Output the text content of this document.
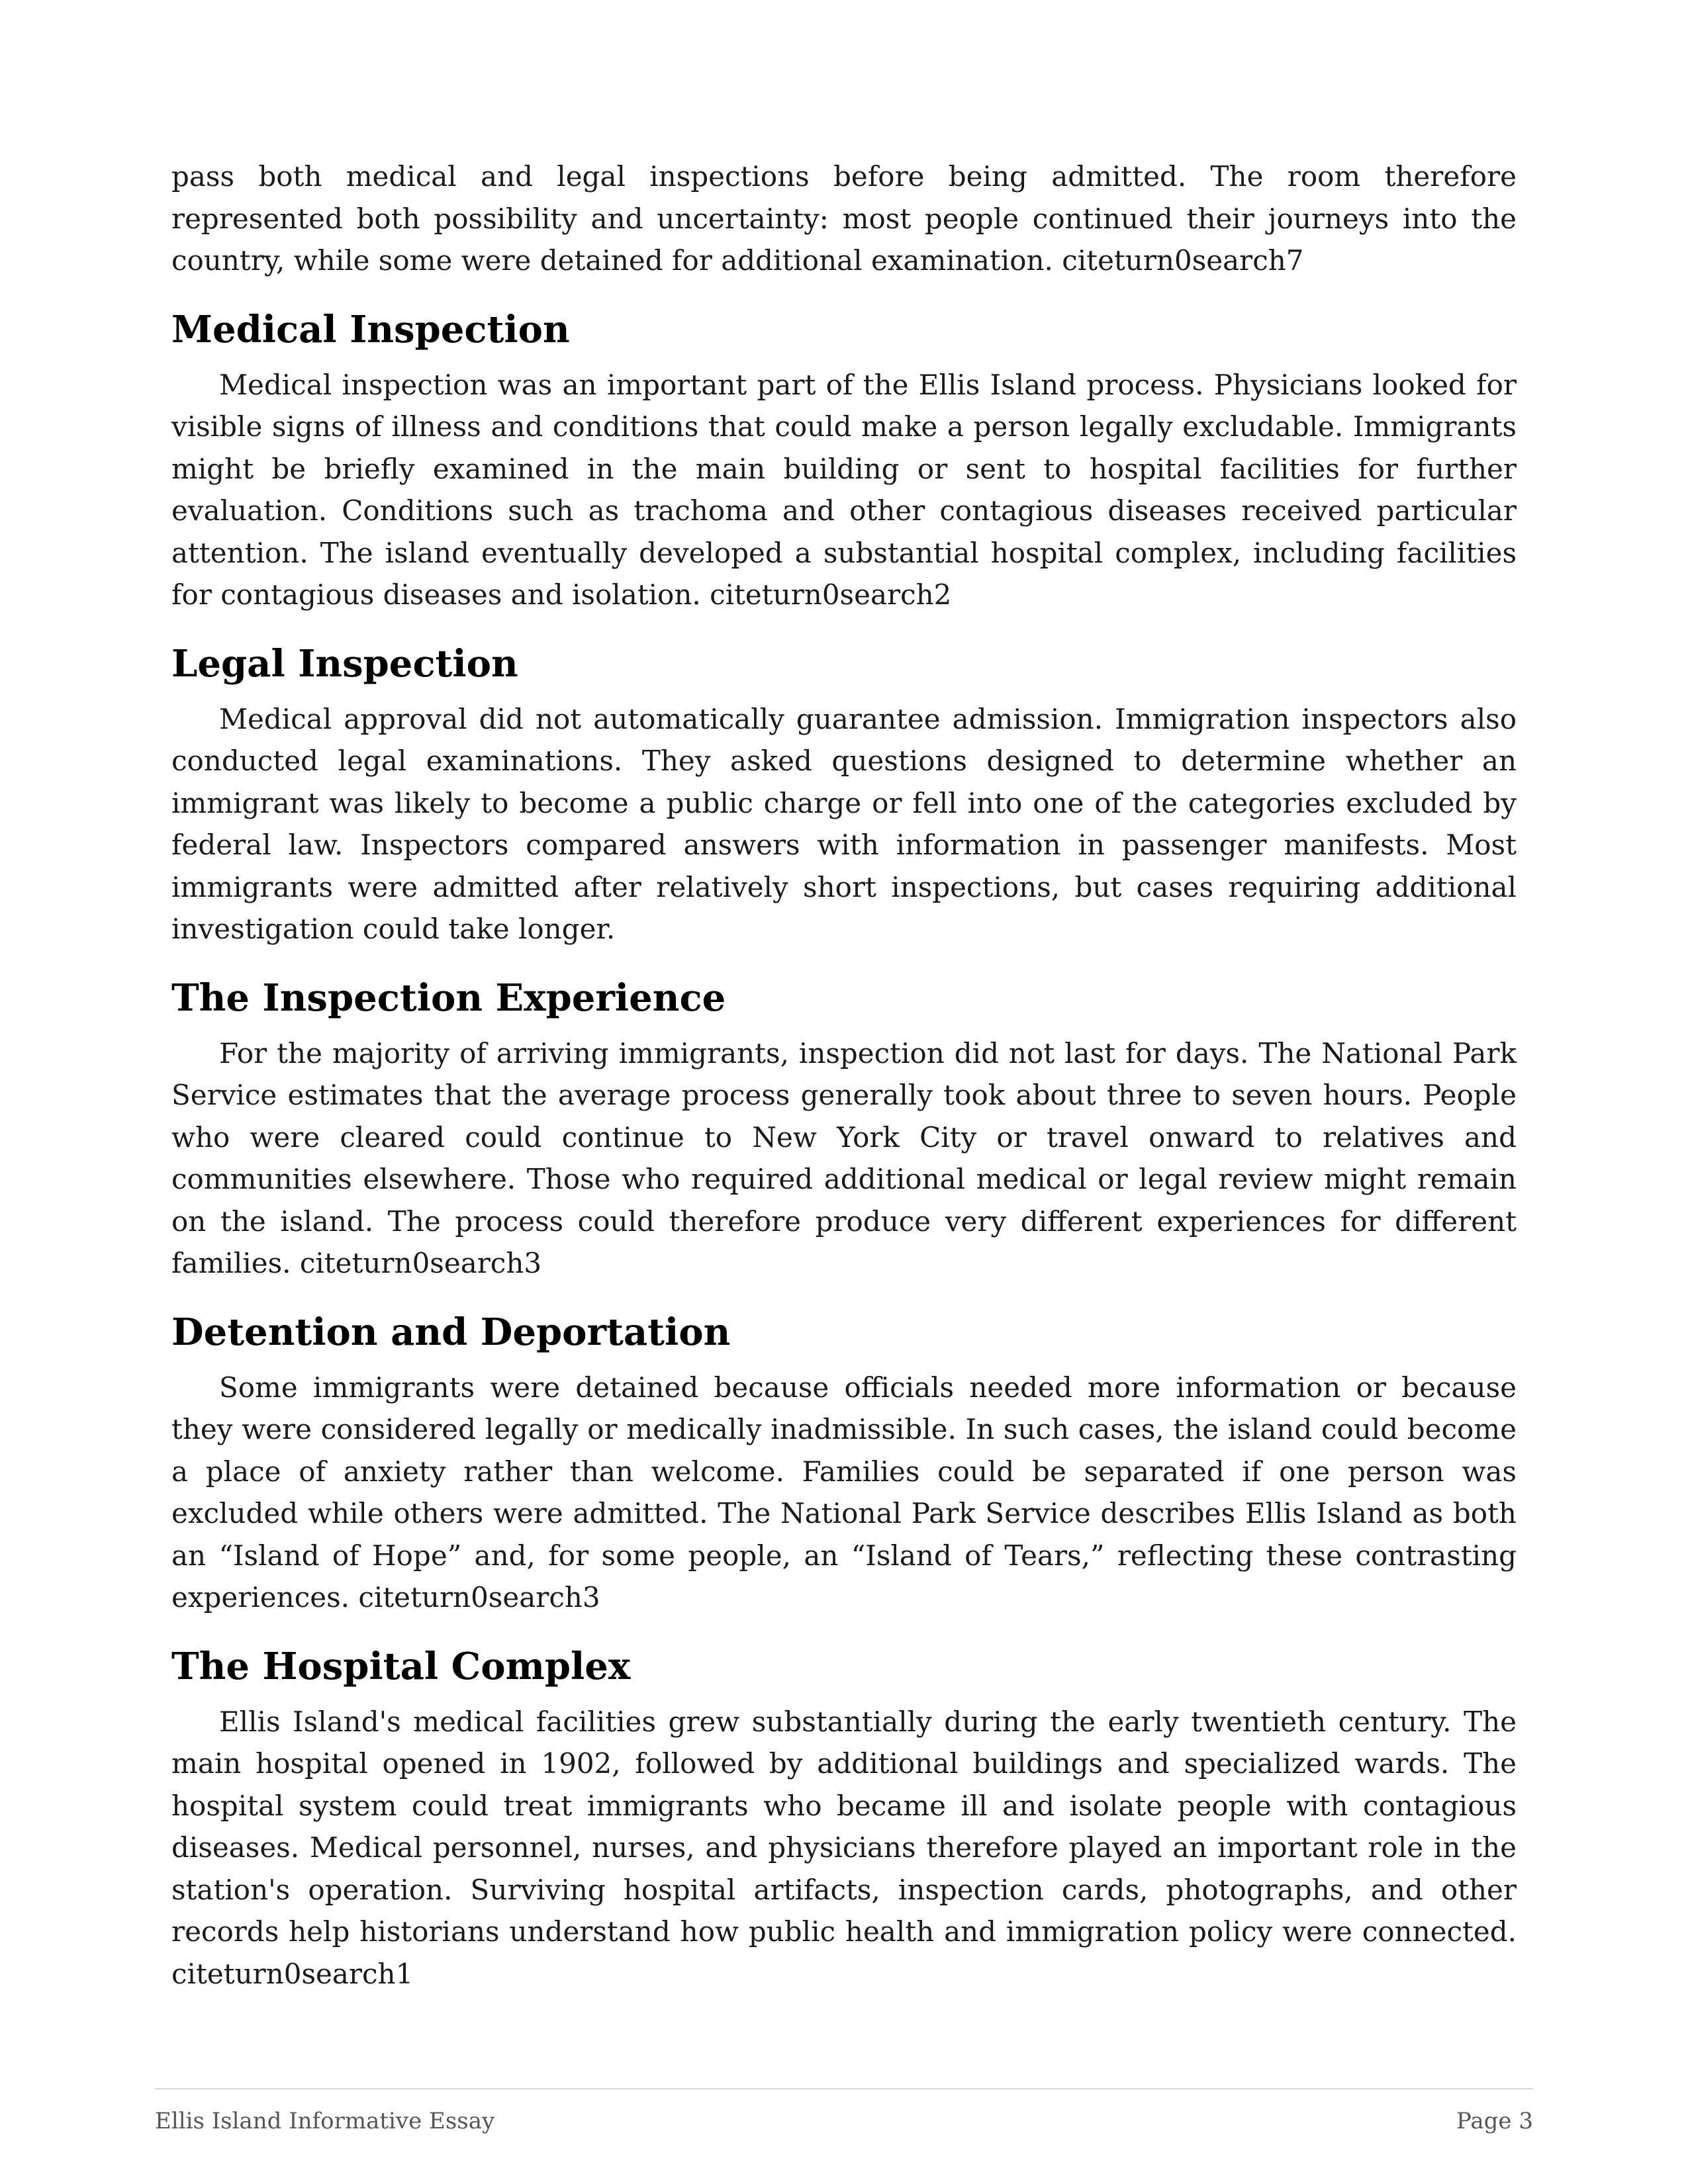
pass both medical and legal inspections before being admitted. The room therefore represented both possibility and uncertainty: most people continued their journeys into the country, while some were detained for additional examination. citeturn0search7

Medical Inspection

Medical inspection was an important part of the Ellis Island process. Physicians looked for visible signs of illness and conditions that could make a person legally excludable. Immigrants might be briefly examined in the main building or sent to hospital facilities for further evaluation. Conditions such as trachoma and other contagious diseases received particular attention. The island eventually developed a substantial hospital complex, including facilities for contagious diseases and isolation. citeturn0search2

Legal Inspection

Medical approval did not automatically guarantee admission. Immigration inspectors also conducted legal examinations. They asked questions designed to determine whether an immigrant was likely to become a public charge or fell into one of the categories excluded by federal law. Inspectors compared answers with information in passenger manifests. Most immigrants were admitted after relatively short inspections, but cases requiring additional investigation could take longer.

The Inspection Experience

For the majority of arriving immigrants, inspection did not last for days. The National Park Service estimates that the average process generally took about three to seven hours. People who were cleared could continue to New York City or travel onward to relatives and communities elsewhere. Those who required additional medical or legal review might remain on the island. The process could therefore produce very different experiences for different families. citeturn0search3

Detention and Deportation

Some immigrants were detained because officials needed more information or because they were considered legally or medically inadmissible. In such cases, the island could become a place of anxiety rather than welcome. Families could be separated if one person was excluded while others were admitted. The National Park Service describes Ellis Island as both an “Island of Hope” and, for some people, an “Island of Tears,” reflecting these contrasting experiences. citeturn0search3

The Hospital Complex

Ellis Island's medical facilities grew substantially during the early twentieth century. The main hospital opened in 1902, followed by additional buildings and specialized wards. The hospital system could treat immigrants who became ill and isolate people with contagious diseases. Medical personnel, nurses, and physicians therefore played an important role in the station's operation. Surviving hospital artifacts, inspection cards, photographs, and other records help historians understand how public health and immigration policy were connected. citeturn0search1

Ellis Island Informative Essay	Page 3
